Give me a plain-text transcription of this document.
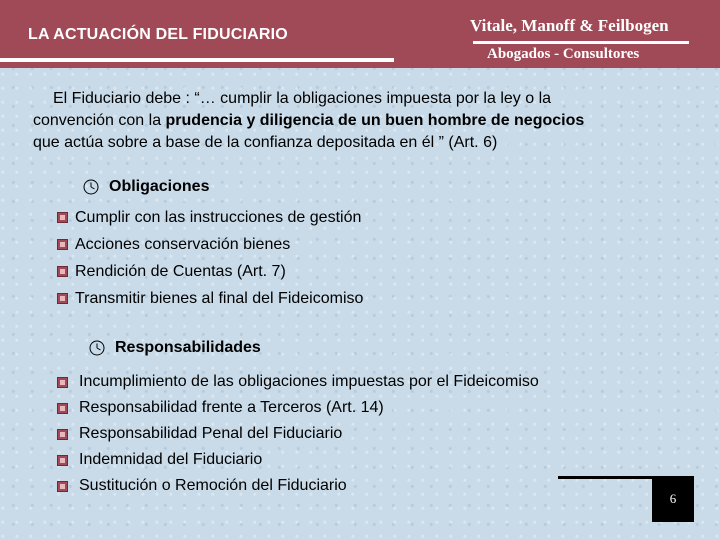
LA ACTUACIÓN DEL FIDUCIARIO	Vitale, Manoff & Feilbogen
Abogados - Consultores
El Fiduciario debe : “… cumplir la obligaciones impuesta por la ley o la
convención con la prudencia y diligencia de un buen hombre de negocios
que actúa sobre a base de la confianza depositada en él ” (Art. 6)
Obligaciones
Cumplir con las instrucciones de gestión
Acciones conservación bienes
Rendición de Cuentas (Art. 7)
Transmitir bienes al final del Fideicomiso
Responsabilidades
Incumplimiento de las obligaciones impuestas por el Fideicomiso
Responsabilidad frente a Terceros (Art. 14)
Responsabilidad Penal del Fiduciario
Indemnidad del Fiduciario
Sustitución o Remoción del Fiduciario
6
